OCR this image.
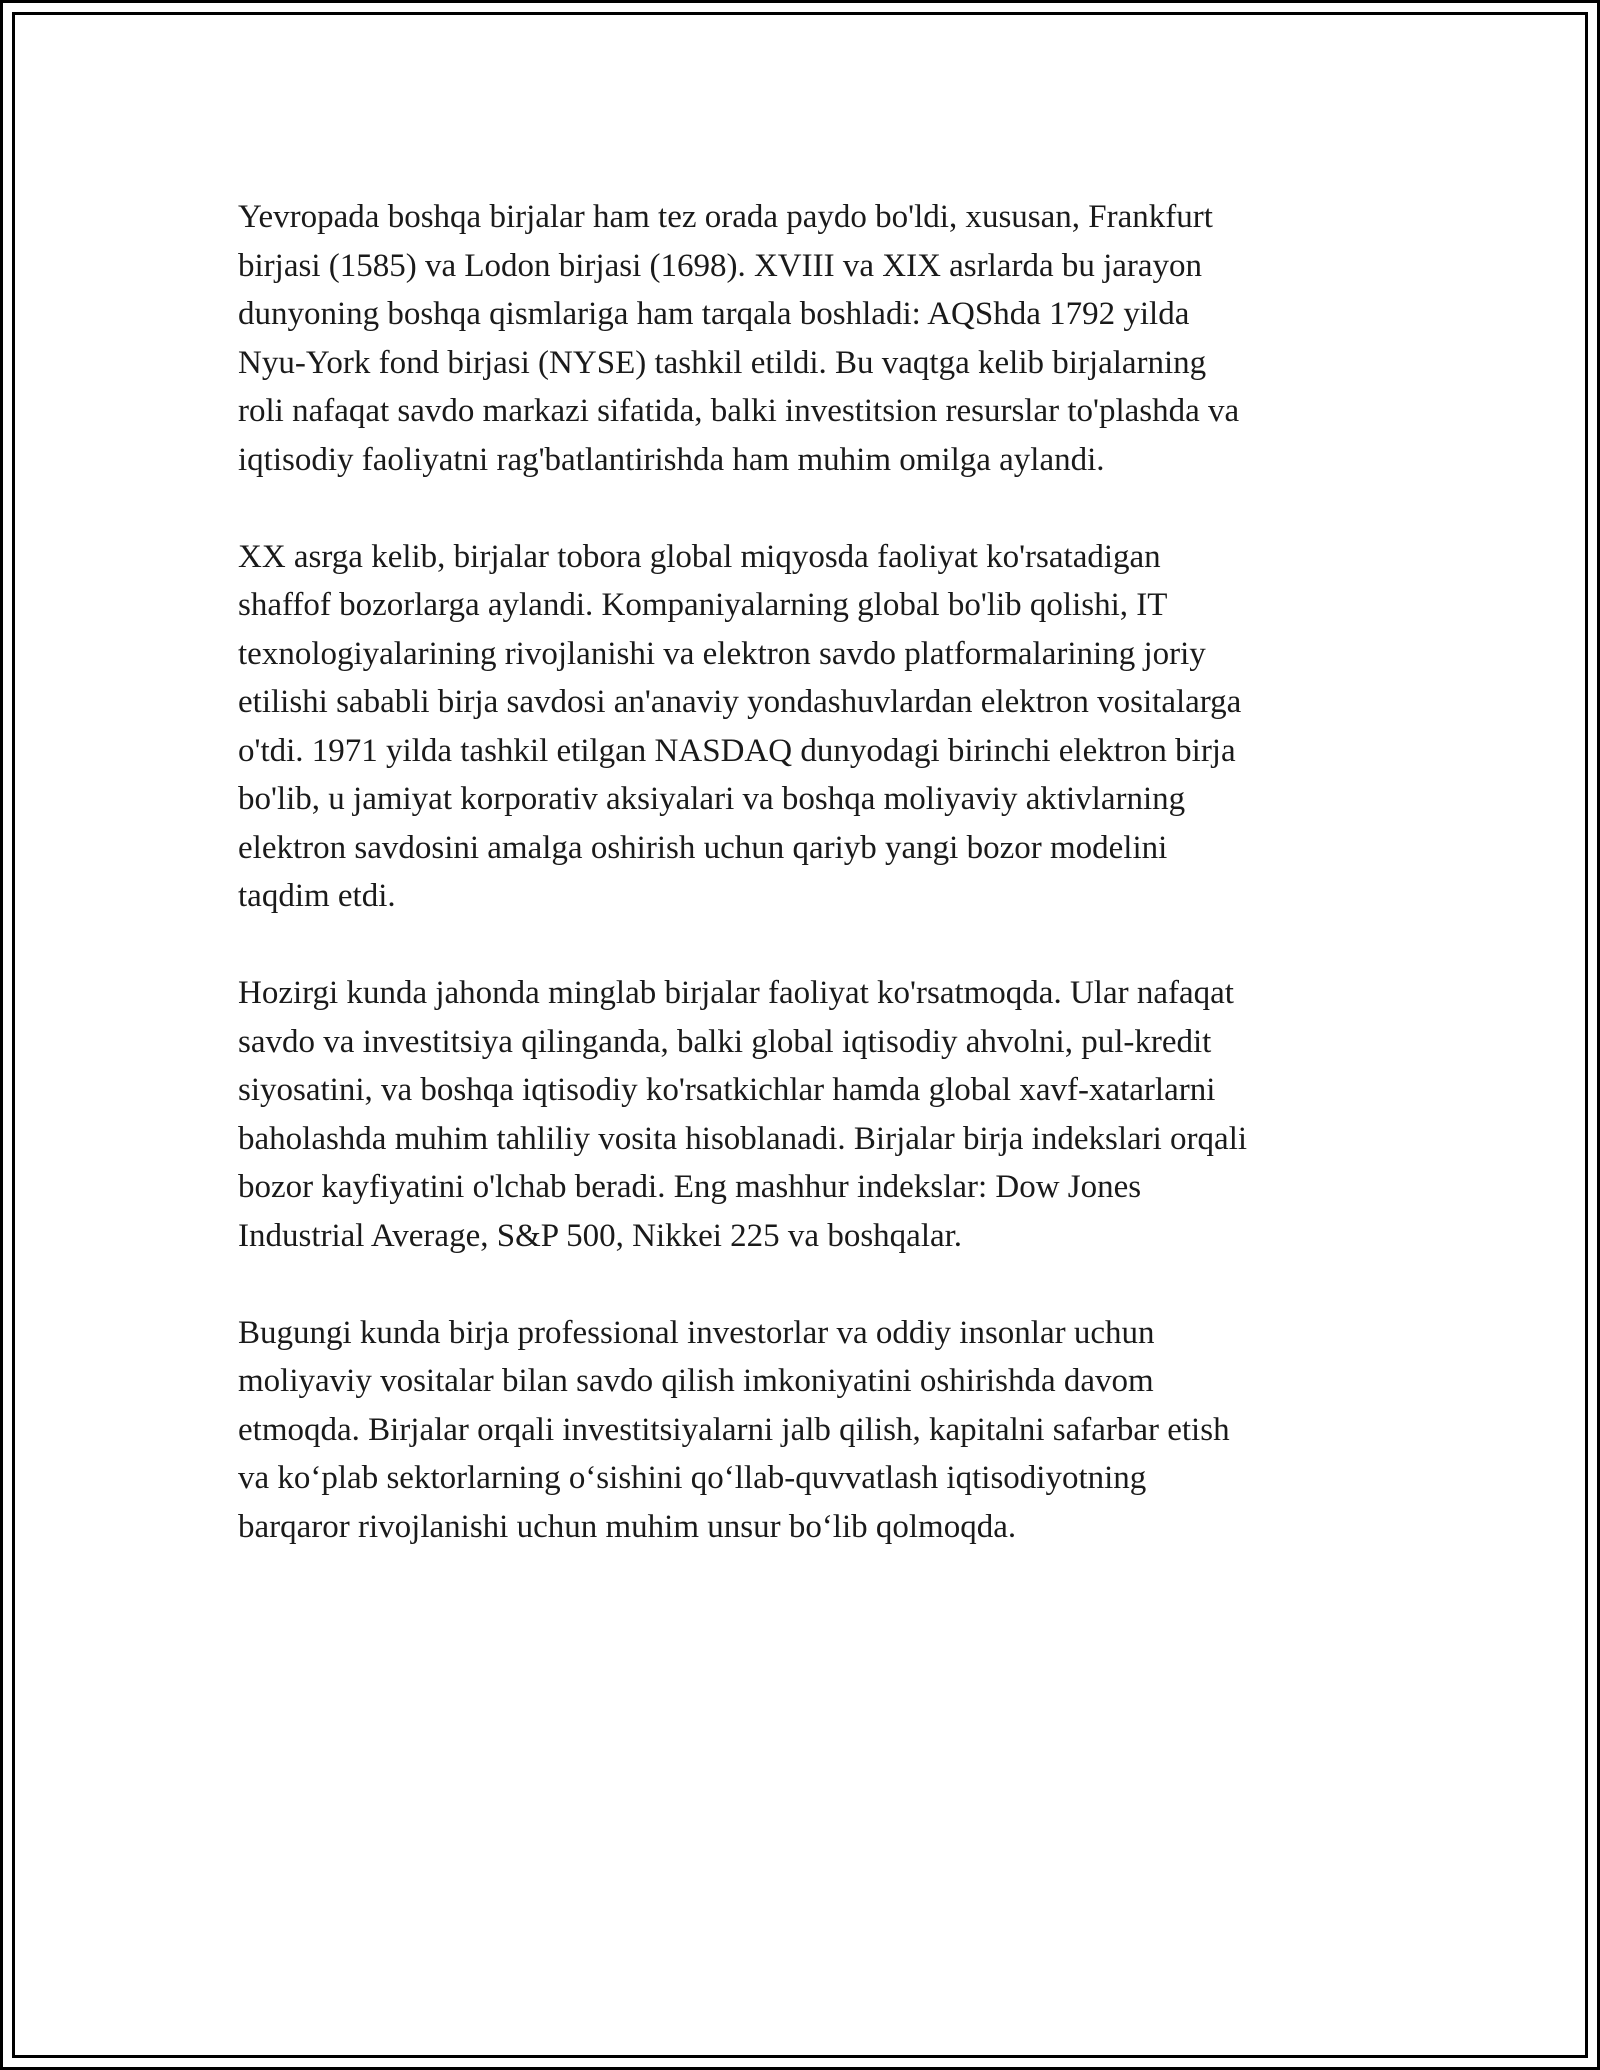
Yevropada boshqa birjalar ham tez orada paydo bo'ldi, xususan, Frankfurt
birjasi (1585) va Lodon birjasi (1698). XVIII va XIX asrlarda bu jarayon
dunyoning boshqa qismlariga ham tarqala boshladi: AQShda 1792 yilda
Nyu-York fond birjasi (NYSE) tashkil etildi. Bu vaqtga kelib birjalarning
roli nafaqat savdo markazi sifatida, balki investitsion resurslar to'plashda va
iqtisodiy faoliyatni rag'batlantirishda ham muhim omilga aylandi.

XX asrga kelib, birjalar tobora global miqyosda faoliyat ko'rsatadigan
shaffof bozorlarga aylandi. Kompaniyalarning global bo'lib qolishi, IT
texnologiyalarining rivojlanishi va elektron savdo platformalarining joriy
etilishi sababli birja savdosi an'anaviy yondashuvlardan elektron vositalarga
o'tdi. 1971 yilda tashkil etilgan NASDAQ dunyodagi birinchi elektron birja
bo'lib, u jamiyat korporativ aksiyalari va boshqa moliyaviy aktivlarning
elektron savdosini amalga oshirish uchun qariyb yangi bozor modelini
taqdim etdi.

Hozirgi kunda jahonda minglab birjalar faoliyat ko'rsatmoqda. Ular nafaqat
savdo va investitsiya qilinganda, balki global iqtisodiy ahvolni, pul-kredit
siyosatini, va boshqa iqtisodiy ko'rsatkichlar hamda global xavf-xatarlarni
baholashda muhim tahliliy vosita hisoblanadi. Birjalar birja indekslari orqali
bozor kayfiyatini o'lchab beradi. Eng mashhur indekslar: Dow Jones
Industrial Average, S&P 500, Nikkei 225 va boshqalar.

Bugungi kunda birja professional investorlar va oddiy insonlar uchun
moliyaviy vositalar bilan savdo qilish imkoniyatini oshirishda davom
etmoqda. Birjalar orqali investitsiyalarni jalb qilish, kapitalni safarbar etish
va ko‘plab sektorlarning o‘sishini qo‘llab-quvvatlash iqtisodiyotning
barqaror rivojlanishi uchun muhim unsur bo‘lib qolmoqda.
